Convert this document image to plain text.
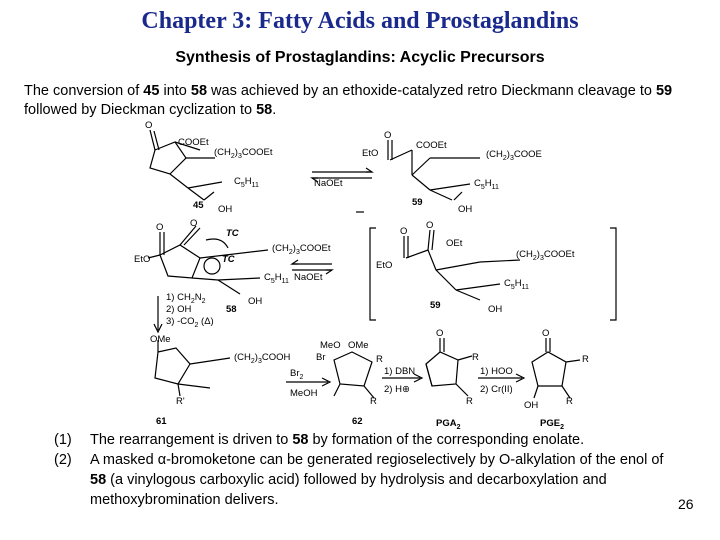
Chapter 3: Fatty Acids and Prostaglandins
Synthesis of Prostaglandins: Acyclic Precursors
The conversion of 45 into 58 was achieved by an ethoxide-catalyzed retro Dieckmann cleavage to 59 followed by Dieckman cyclization to 58.
COOEt
O
$(CH_2)_3COOEt$
$C_5H_{11}$
OH
45
NaOEt
O
EtO
COOEt
$(CH_2)_3COOE$
$C_5H_{11}$
OH
59
O	O
EtO
TC
TC
$(CH_2)_3COOEt$
$C_5H_{11}$
OH
58
NaOEt
O
O
OEt
EtO
$(CH_2)_3COOEt$
$C_5H_{11}$
OH
59
1) $CH_2N_2$
2) OH
3) $-CO_2$ (Δ)
OMe
$(CH_2)_3COOH$
R'
61
$Br_2$
MeOH
MeO OMe
Br	R
R
62
1) DBN
2) H⊕
O
R
R
$PGA_2$
1) HOO
2) Cr(II)
O
R
OH	R
$PGE_2$
(1)	The rearrangement is driven to 58 by formation of the corresponding enolate.
(2)	A masked α-bromoketone can be generated regioselectively by O-alkylation of the enol of 58 (a vinylogous carboxylic acid) followed by hydrolysis and decarboxylation and methoxybromination delivers.	26
